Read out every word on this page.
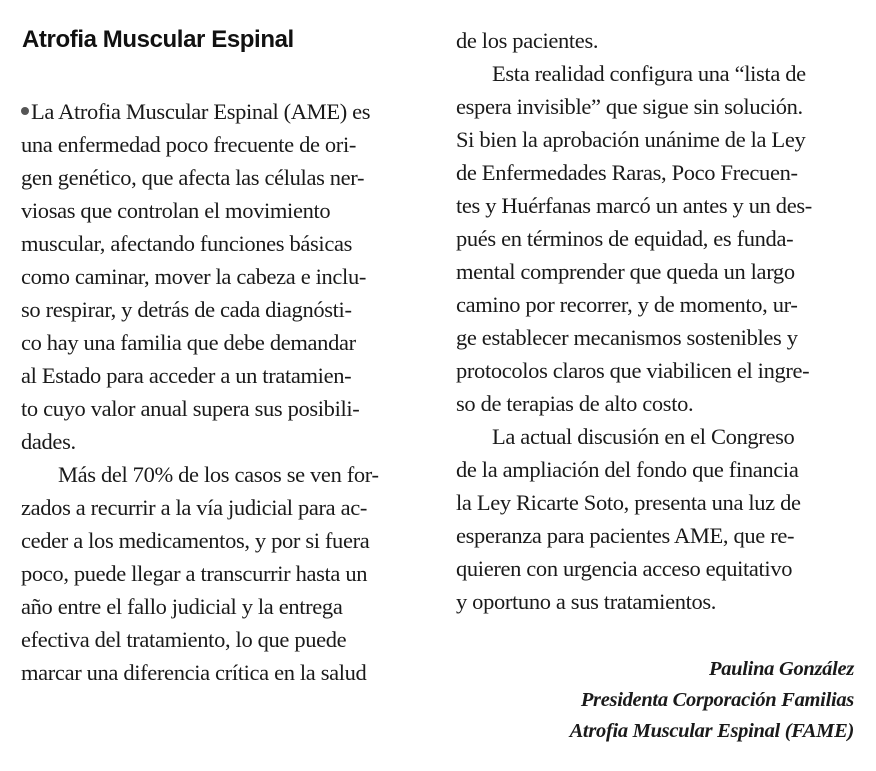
Atrofia Muscular Espinal
La Atrofia Muscular Espinal (AME) es
una enfermedad poco frecuente de ori-
gen genético, que afecta las células ner-
viosas que controlan el movimiento
muscular, afectando funciones básicas
como caminar, mover la cabeza e inclu-
so respirar, y detrás de cada diagnósti-
co hay una familia que debe demandar
al Estado para acceder a un tratamien-
to cuyo valor anual supera sus posibili-
dades.
Más del 70% de los casos se ven for-
zados a recurrir a la vía judicial para ac-
ceder a los medicamentos, y por si fuera
poco, puede llegar a transcurrir hasta un
año entre el fallo judicial y la entrega
efectiva del tratamiento, lo que puede
marcar una diferencia crítica en la salud
de los pacientes.
Esta realidad configura una “lista de
espera invisible” que sigue sin solución.
Si bien la aprobación unánime de la Ley
de Enfermedades Raras, Poco Frecuen-
tes y Huérfanas marcó un antes y un des-
pués en términos de equidad, es funda-
mental comprender que queda un largo
camino por recorrer, y de momento, ur-
ge establecer mecanismos sostenibles y
protocolos claros que viabilicen el ingre-
so de terapias de alto costo.
La actual discusión en el Congreso
de la ampliación del fondo que financia
la Ley Ricarte Soto, presenta una luz de
esperanza para pacientes AME, que re-
quieren con urgencia acceso equitativo
y oportuno a sus tratamientos.
Paulina González
Presidenta Corporación Familias
Atrofia Muscular Espinal (FAME)
